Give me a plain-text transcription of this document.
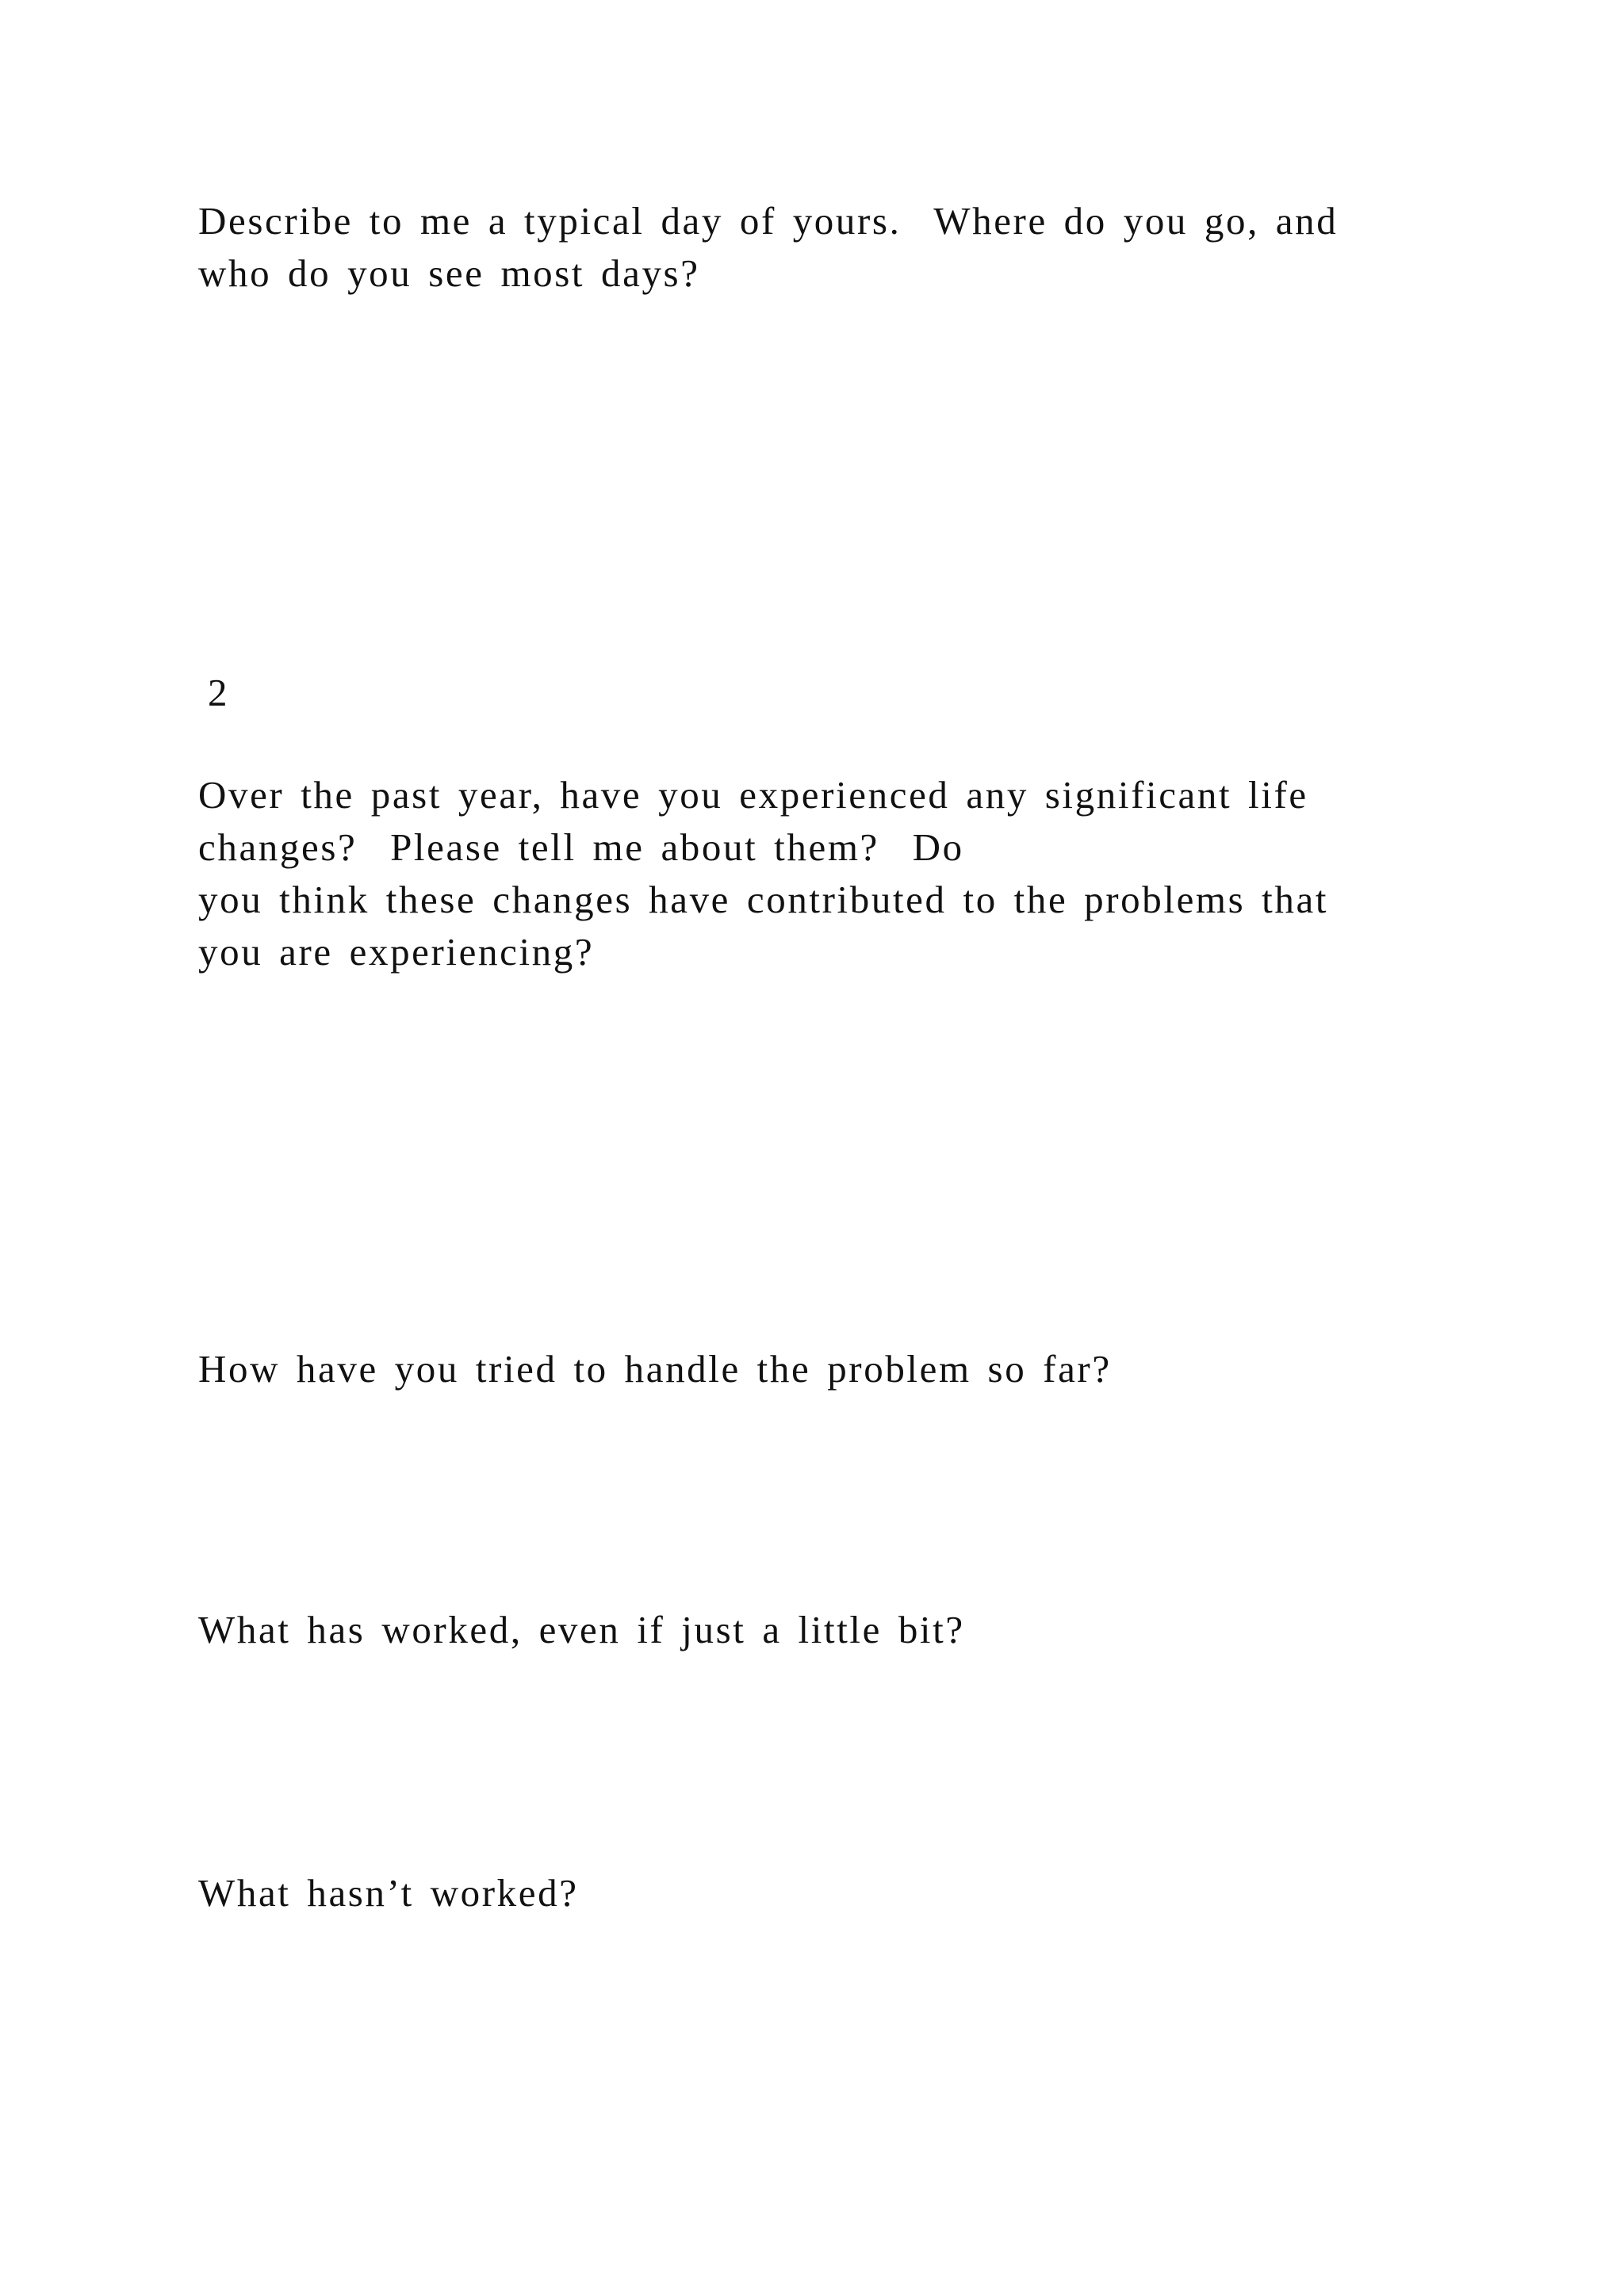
Describe to me a typical day of yours.  Where do you go, and
who do you see most days?

2

Over the past year, have you experienced any significant life
changes?  Please tell me about them?  Do
you think these changes have contributed to the problems that
you are experiencing?

How have you tried to handle the problem so far?

What has worked, even if just a little bit?

What hasn’t worked?
